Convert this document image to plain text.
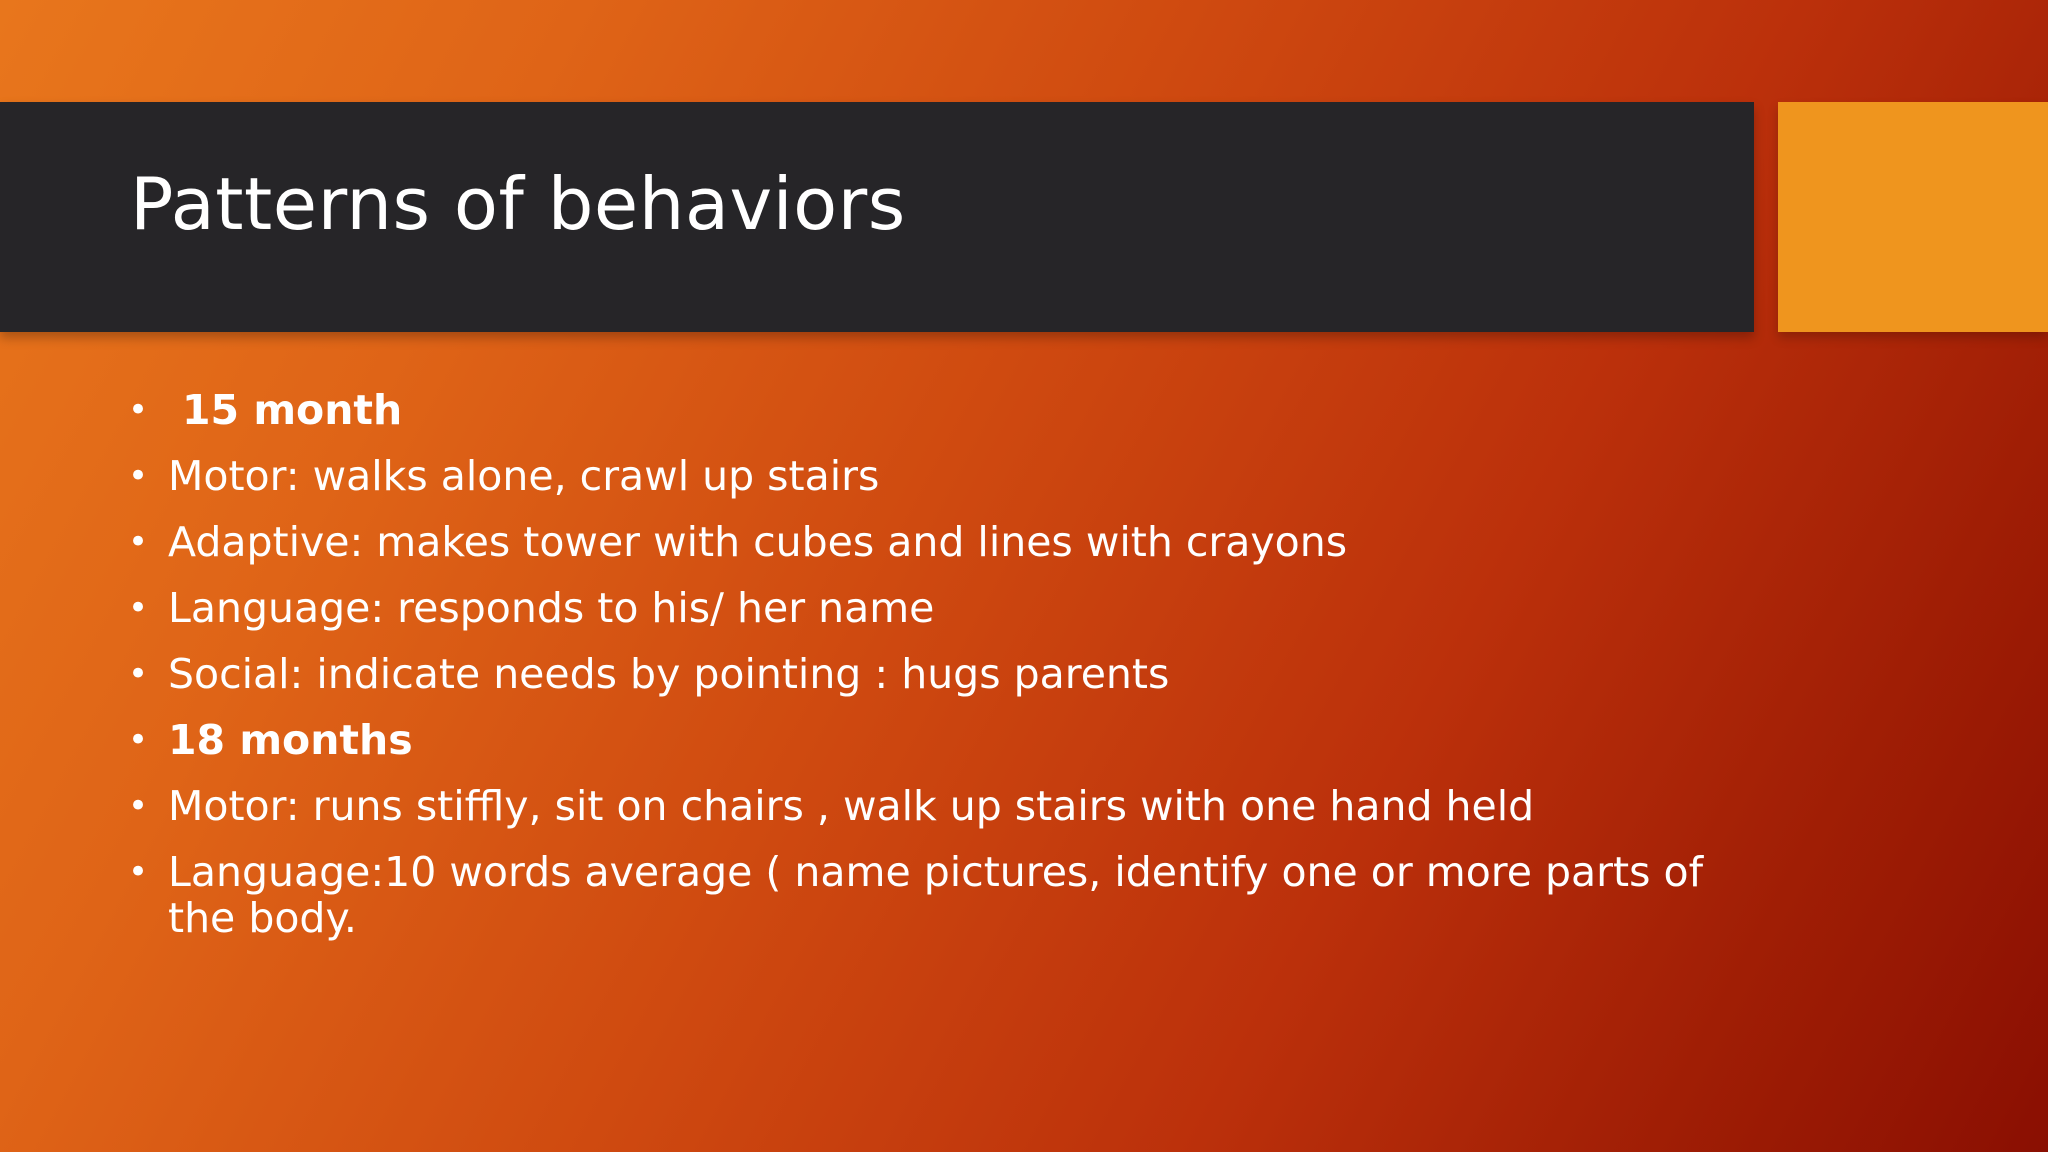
Patterns of behaviors
• 15 month
• Motor: walks alone, crawl up stairs
• Adaptive: makes tower with cubes and lines with crayons
• Language: responds to his/ her name
• Social: indicate needs by pointing : hugs parents
• 18 months
• Motor: runs stiffly, sit on chairs , walk up stairs with one hand held
• Language:10 words average ( name pictures, identify one or more parts of the body.
